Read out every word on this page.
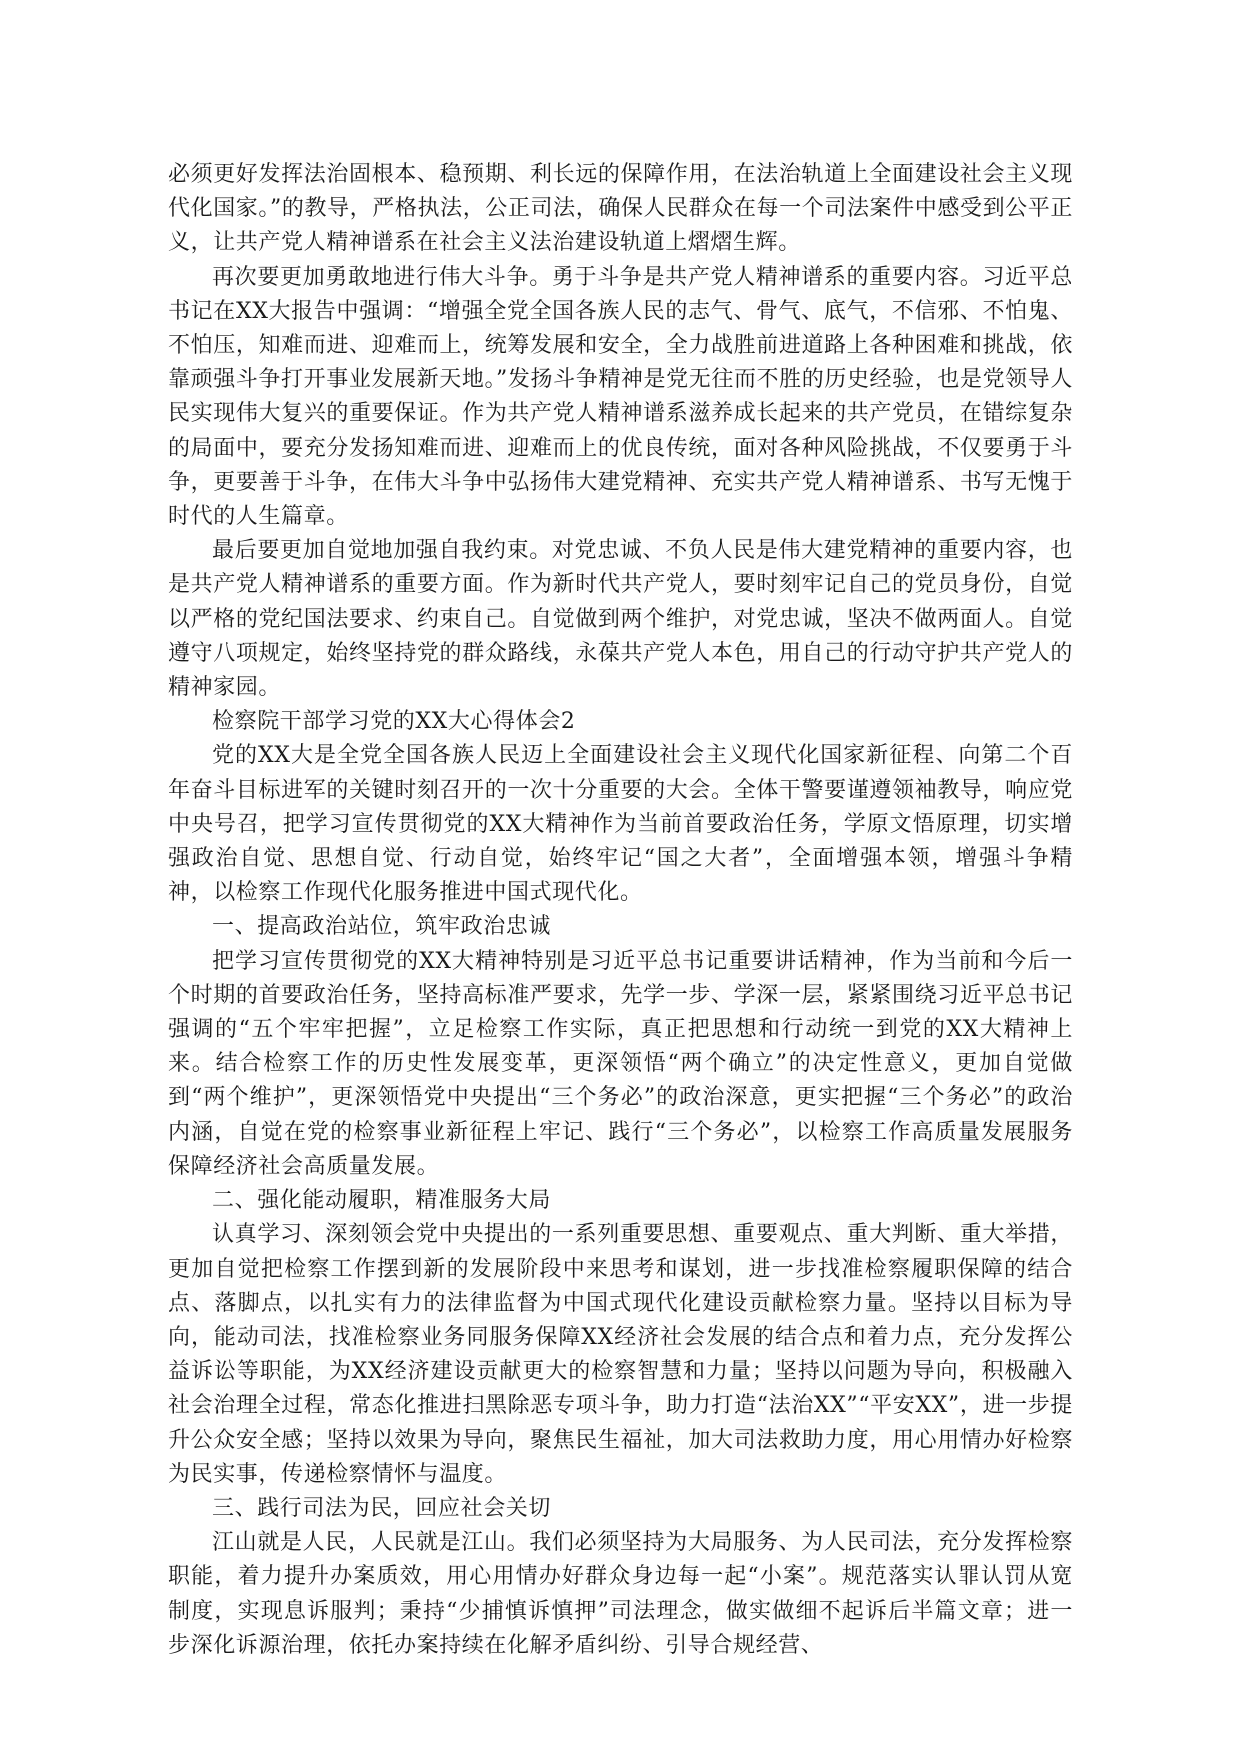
必须更好发挥法治固根本、稳预期、利长远的保障作用，在法治轨道上全面建设社会主义现代化国家。”的教导，严格执法，公正司法，确保人民群众在每一个司法案件中感受到公平正义，让共产党人精神谱系在社会主义法治建设轨道上熠熠生辉。

再次要更加勇敢地进行伟大斗争。勇于斗争是共产党人精神谱系的重要内容。习近平总书记在XX大报告中强调：“增强全党全国各族人民的志气、骨气、底气，不信邪、不怕鬼、不怕压，知难而进、迎难而上，统筹发展和安全，全力战胜前进道路上各种困难和挑战，依靠顽强斗争打开事业发展新天地。”发扬斗争精神是党无往而不胜的历史经验，也是党领导人民实现伟大复兴的重要保证。作为共产党人精神谱系滋养成长起来的共产党员，在错综复杂的局面中，要充分发扬知难而进、迎难而上的优良传统，面对各种风险挑战，不仅要勇于斗争，更要善于斗争，在伟大斗争中弘扬伟大建党精神、充实共产党人精神谱系、书写无愧于时代的人生篇章。

最后要更加自觉地加强自我约束。对党忠诚、不负人民是伟大建党精神的重要内容，也是共产党人精神谱系的重要方面。作为新时代共产党人，要时刻牢记自己的党员身份，自觉以严格的党纪国法要求、约束自己。自觉做到两个维护，对党忠诚，坚决不做两面人。自觉遵守八项规定，始终坚持党的群众路线，永葆共产党人本色，用自己的行动守护共产党人的精神家园。

检察院干部学习党的XX大心得体会2

党的XX大是全党全国各族人民迈上全面建设社会主义现代化国家新征程、向第二个百年奋斗目标进军的关键时刻召开的一次十分重要的大会。全体干警要谨遵领袖教导，响应党中央号召，把学习宣传贯彻党的XX大精神作为当前首要政治任务，学原文悟原理，切实增强政治自觉、思想自觉、行动自觉，始终牢记“国之大者”，全面增强本领，增强斗争精神，以检察工作现代化服务推进中国式现代化。

一、提高政治站位，筑牢政治忠诚

把学习宣传贯彻党的XX大精神特别是习近平总书记重要讲话精神，作为当前和今后一个时期的首要政治任务，坚持高标准严要求，先学一步、学深一层，紧紧围绕习近平总书记强调的“五个牢牢把握”，立足检察工作实际，真正把思想和行动统一到党的XX大精神上来。结合检察工作的历史性发展变革，更深领悟“两个确立”的决定性意义，更加自觉做到“两个维护”，更深领悟党中央提出“三个务必”的政治深意，更实把握“三个务必”的政治内涵，自觉在党的检察事业新征程上牢记、践行“三个务必”，以检察工作高质量发展服务保障经济社会高质量发展。

二、强化能动履职，精准服务大局

认真学习、深刻领会党中央提出的一系列重要思想、重要观点、重大判断、重大举措，更加自觉把检察工作摆到新的发展阶段中来思考和谋划，进一步找准检察履职保障的结合点、落脚点，以扎实有力的法律监督为中国式现代化建设贡献检察力量。坚持以目标为导向，能动司法，找准检察业务同服务保障XX经济社会发展的结合点和着力点，充分发挥公益诉讼等职能，为XX经济建设贡献更大的检察智慧和力量；坚持以问题为导向，积极融入社会治理全过程，常态化推进扫黑除恶专项斗争，助力打造“法治XX”“平安XX”，进一步提升公众安全感；坚持以效果为导向，聚焦民生福祉，加大司法救助力度，用心用情办好检察为民实事，传递检察情怀与温度。

三、践行司法为民，回应社会关切

江山就是人民，人民就是江山。我们必须坚持为大局服务、为人民司法，充分发挥检察职能，着力提升办案质效，用心用情办好群众身边每一起“小案”。规范落实认罪认罚从宽制度，实现息诉服判；秉持“少捕慎诉慎押”司法理念，做实做细不起诉后半篇文章；进一步深化诉源治理，依托办案持续在化解矛盾纠纷、引导合规经营、
